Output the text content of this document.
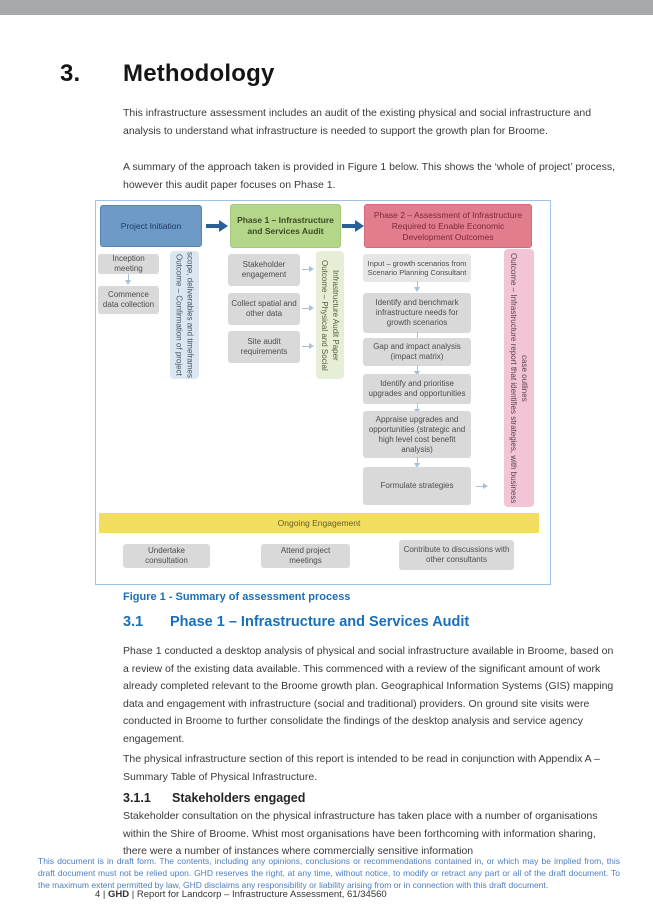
3. Methodology

This infrastructure assessment includes an audit of the existing physical and social infrastructure and analysis to understand what infrastructure is needed to support the growth plan for Broome.

A summary of the approach taken is provided in Figure 1 below. This shows the ‘whole of project’ process, however this audit paper focuses on Phase 1.

Project Initiation
Phase 1 – Infrastructure and Services Audit
Phase 2 – Assessment of Infrastructure Required to Enable Economic Development Outcomes
Inception meeting
Commence data collection	Outcome – Confirmation of project scope, deliverables and timeframes	Stakeholder engagement
Collect spatial and other data
Site audit requirements	Outcome – Physical and Social Infrastructure Audit Paper
Input – growth scenarios from Scenario Planning Consultant
Identify and benchmark infrastructure needs for growth scenarios
Gap and impact analysis (impact matrix)
Identify and prioritise upgrades and opportunities
Appraise upgrades and opportunities (strategic and high level cost benefit analysis)
Formulate strategies	Outcome – Infrastructure report that identifies strategies, with business case outlines
Ongoing Engagement
Undertake consultation
Attend project meetings
Contribute to discussions with other consultants
Figure 1 - Summary of assessment process
3.1 Phase 1 – Infrastructure and Services Audit

Phase 1 conducted a desktop analysis of physical and social infrastructure available in Broome, based on a review of the existing data available. This commenced with a review of the significant amount of work already completed relevant to the Broome growth plan. Geographical Information Systems (GIS) mapping data and engagement with infrastructure (social and traditional) providers. On ground site visits were conducted in Broome to further consolidate the findings of the desktop analysis and service agency engagement.

The physical infrastructure section of this report is intended to be read in conjunction with Appendix A – Summary Table of Physical Infrastructure.

3.1.1 Stakeholders engaged

Stakeholder consultation on the physical infrastructure has taken place with a number of organisations within the Shire of Broome. Whist most organisations have been forthcoming with information sharing, there were a number of instances where commercially sensitive information

This document is in draft form. The contents, including any opinions, conclusions or recommendations contained in, or which may be implied from, this draft document must not be relied upon. GHD reserves the right, at any time, without notice, to modify or retract any part or all of the draft document. To the maximum extent permitted by law, GHD disclaims any responsibility or liability arising from or in connection with this draft document.
4 | GHD | Report for Landcorp – Infrastructure Assessment, 61/34560
